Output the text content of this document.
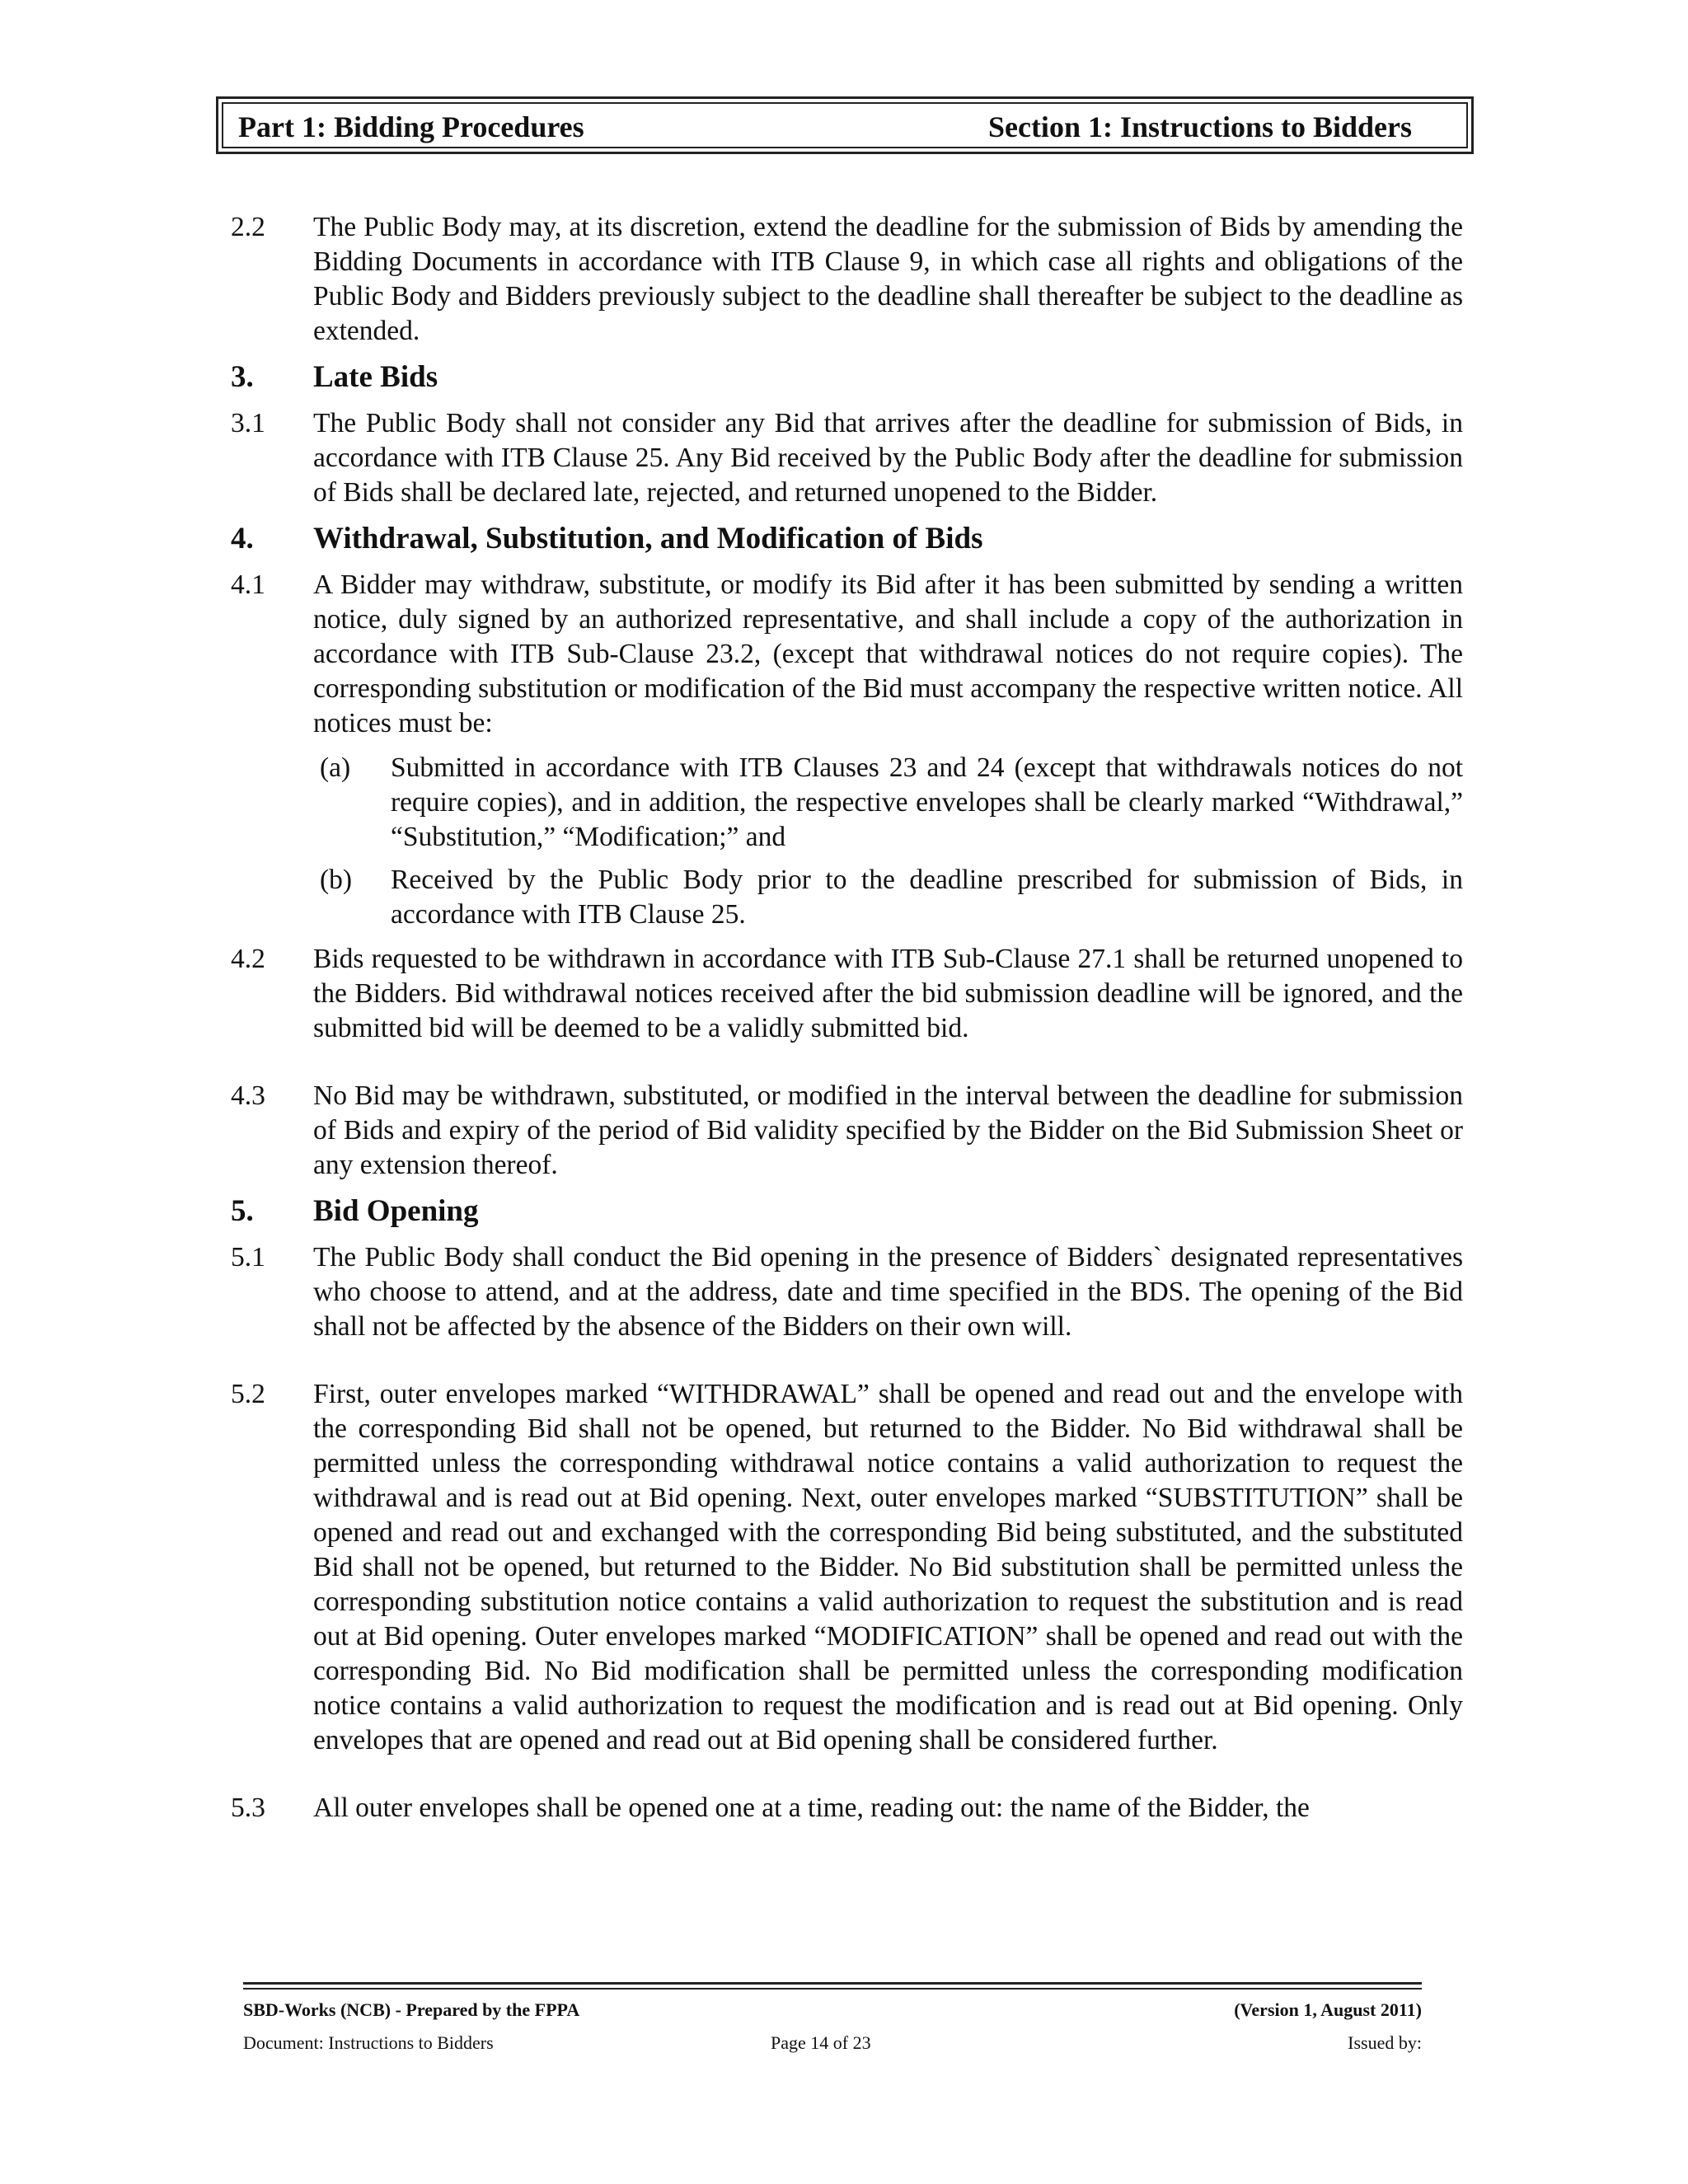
Part 1: Bidding Procedures	Section 1: Instructions to Bidders
2.2	The Public Body may, at its discretion, extend the deadline for the submission of Bids by amending the Bidding Documents in accordance with ITB Clause 9, in which case all rights and obligations of the Public Body and Bidders previously subject to the deadline shall thereafter be subject to the deadline as extended.
3.	Late Bids
3.1	The Public Body shall not consider any Bid that arrives after the deadline for submission of Bids, in accordance with ITB Clause 25. Any Bid received by the Public Body after the deadline for submission of Bids shall be declared late, rejected, and returned unopened to the Bidder.
4.	Withdrawal, Substitution, and Modification of Bids
4.1	A Bidder may withdraw, substitute, or modify its Bid after it has been submitted by sending a written notice, duly signed by an authorized representative, and shall include a copy of the authorization in accordance with ITB Sub-Clause 23.2, (except that withdrawal notices do not require copies). The corresponding substitution or modification of the Bid must accompany the respective written notice. All notices must be:
(a)	Submitted in accordance with ITB Clauses 23 and 24 (except that withdrawals notices do not require copies), and in addition, the respective envelopes shall be clearly marked “Withdrawal,” “Substitution,” “Modification;” and
(b)	Received by the Public Body prior to the deadline prescribed for submission of Bids, in accordance with ITB Clause 25.
4.2	Bids requested to be withdrawn in accordance with ITB Sub-Clause 27.1 shall be returned unopened to the Bidders. Bid withdrawal notices received after the bid submission deadline will be ignored, and the submitted bid will be deemed to be a validly submitted bid.
4.3	No Bid may be withdrawn, substituted, or modified in the interval between the deadline for submission of Bids and expiry of the period of Bid validity specified by the Bidder on the Bid Submission Sheet or any extension thereof.
5.	Bid Opening
5.1	The Public Body shall conduct the Bid opening in the presence of Bidders` designated representatives who choose to attend, and at the address, date and time specified in the BDS. The opening of the Bid shall not be affected by the absence of the Bidders on their own will.
5.2	First, outer envelopes marked “WITHDRAWAL” shall be opened and read out and the envelope with the corresponding Bid shall not be opened, but returned to the Bidder. No Bid withdrawal shall be permitted unless the corresponding withdrawal notice contains a valid authorization to request the withdrawal and is read out at Bid opening. Next, outer envelopes marked “SUBSTITUTION” shall be opened and read out and exchanged with the corresponding Bid being substituted, and the substituted Bid shall not be opened, but returned to the Bidder. No Bid substitution shall be permitted unless the corresponding substitution notice contains a valid authorization to request the substitution and is read out at Bid opening. Outer envelopes marked “MODIFICATION” shall be opened and read out with the corresponding Bid. No Bid modification shall be permitted unless the corresponding modification notice contains a valid authorization to request the modification and is read out at Bid opening. Only envelopes that are opened and read out at Bid opening shall be considered further.
5.3	All outer envelopes shall be opened one at a time, reading out: the name of the Bidder, the
SBD-Works (NCB) - Prepared by the FPPA	(Version 1, August 2011)
Document: Instructions to Bidders	Page 14 of 23	Issued by:
